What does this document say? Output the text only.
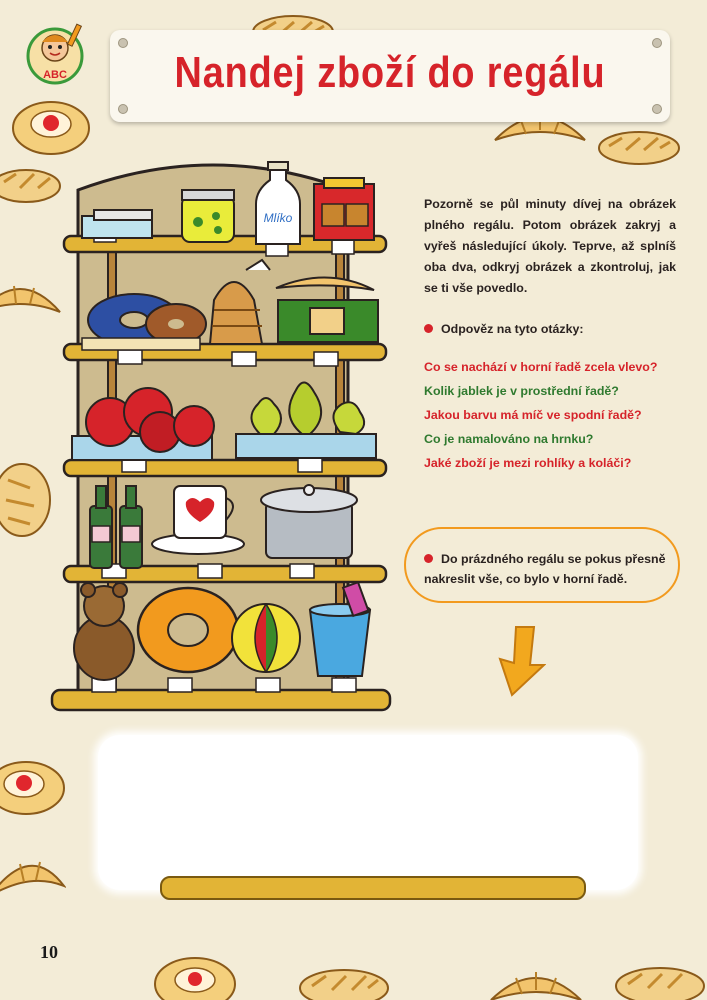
ABC	Nandej zboží do regálu
Mlíko
Pozorně se půl minuty dívej na obrázek plného regálu. Potom obrázek zakryj a vyřeš následující úkoly. Teprve, až splníš oba dva, odkryj obrázek a zkontroluj, jak se ti vše povedlo.
Odpověz na tyto otázky:
Co se nachází v horní řadě zcela vlevo?
Kolik jablek je v prostřední řadě?
Jakou barvu má míč ve spodní řadě?
Co je namalováno na hrnku?
Jaké zboží je mezi rohlíky a koláči?
Do prázdného regálu se pokus přesně nakreslit vše, co bylo v horní řadě.
10
